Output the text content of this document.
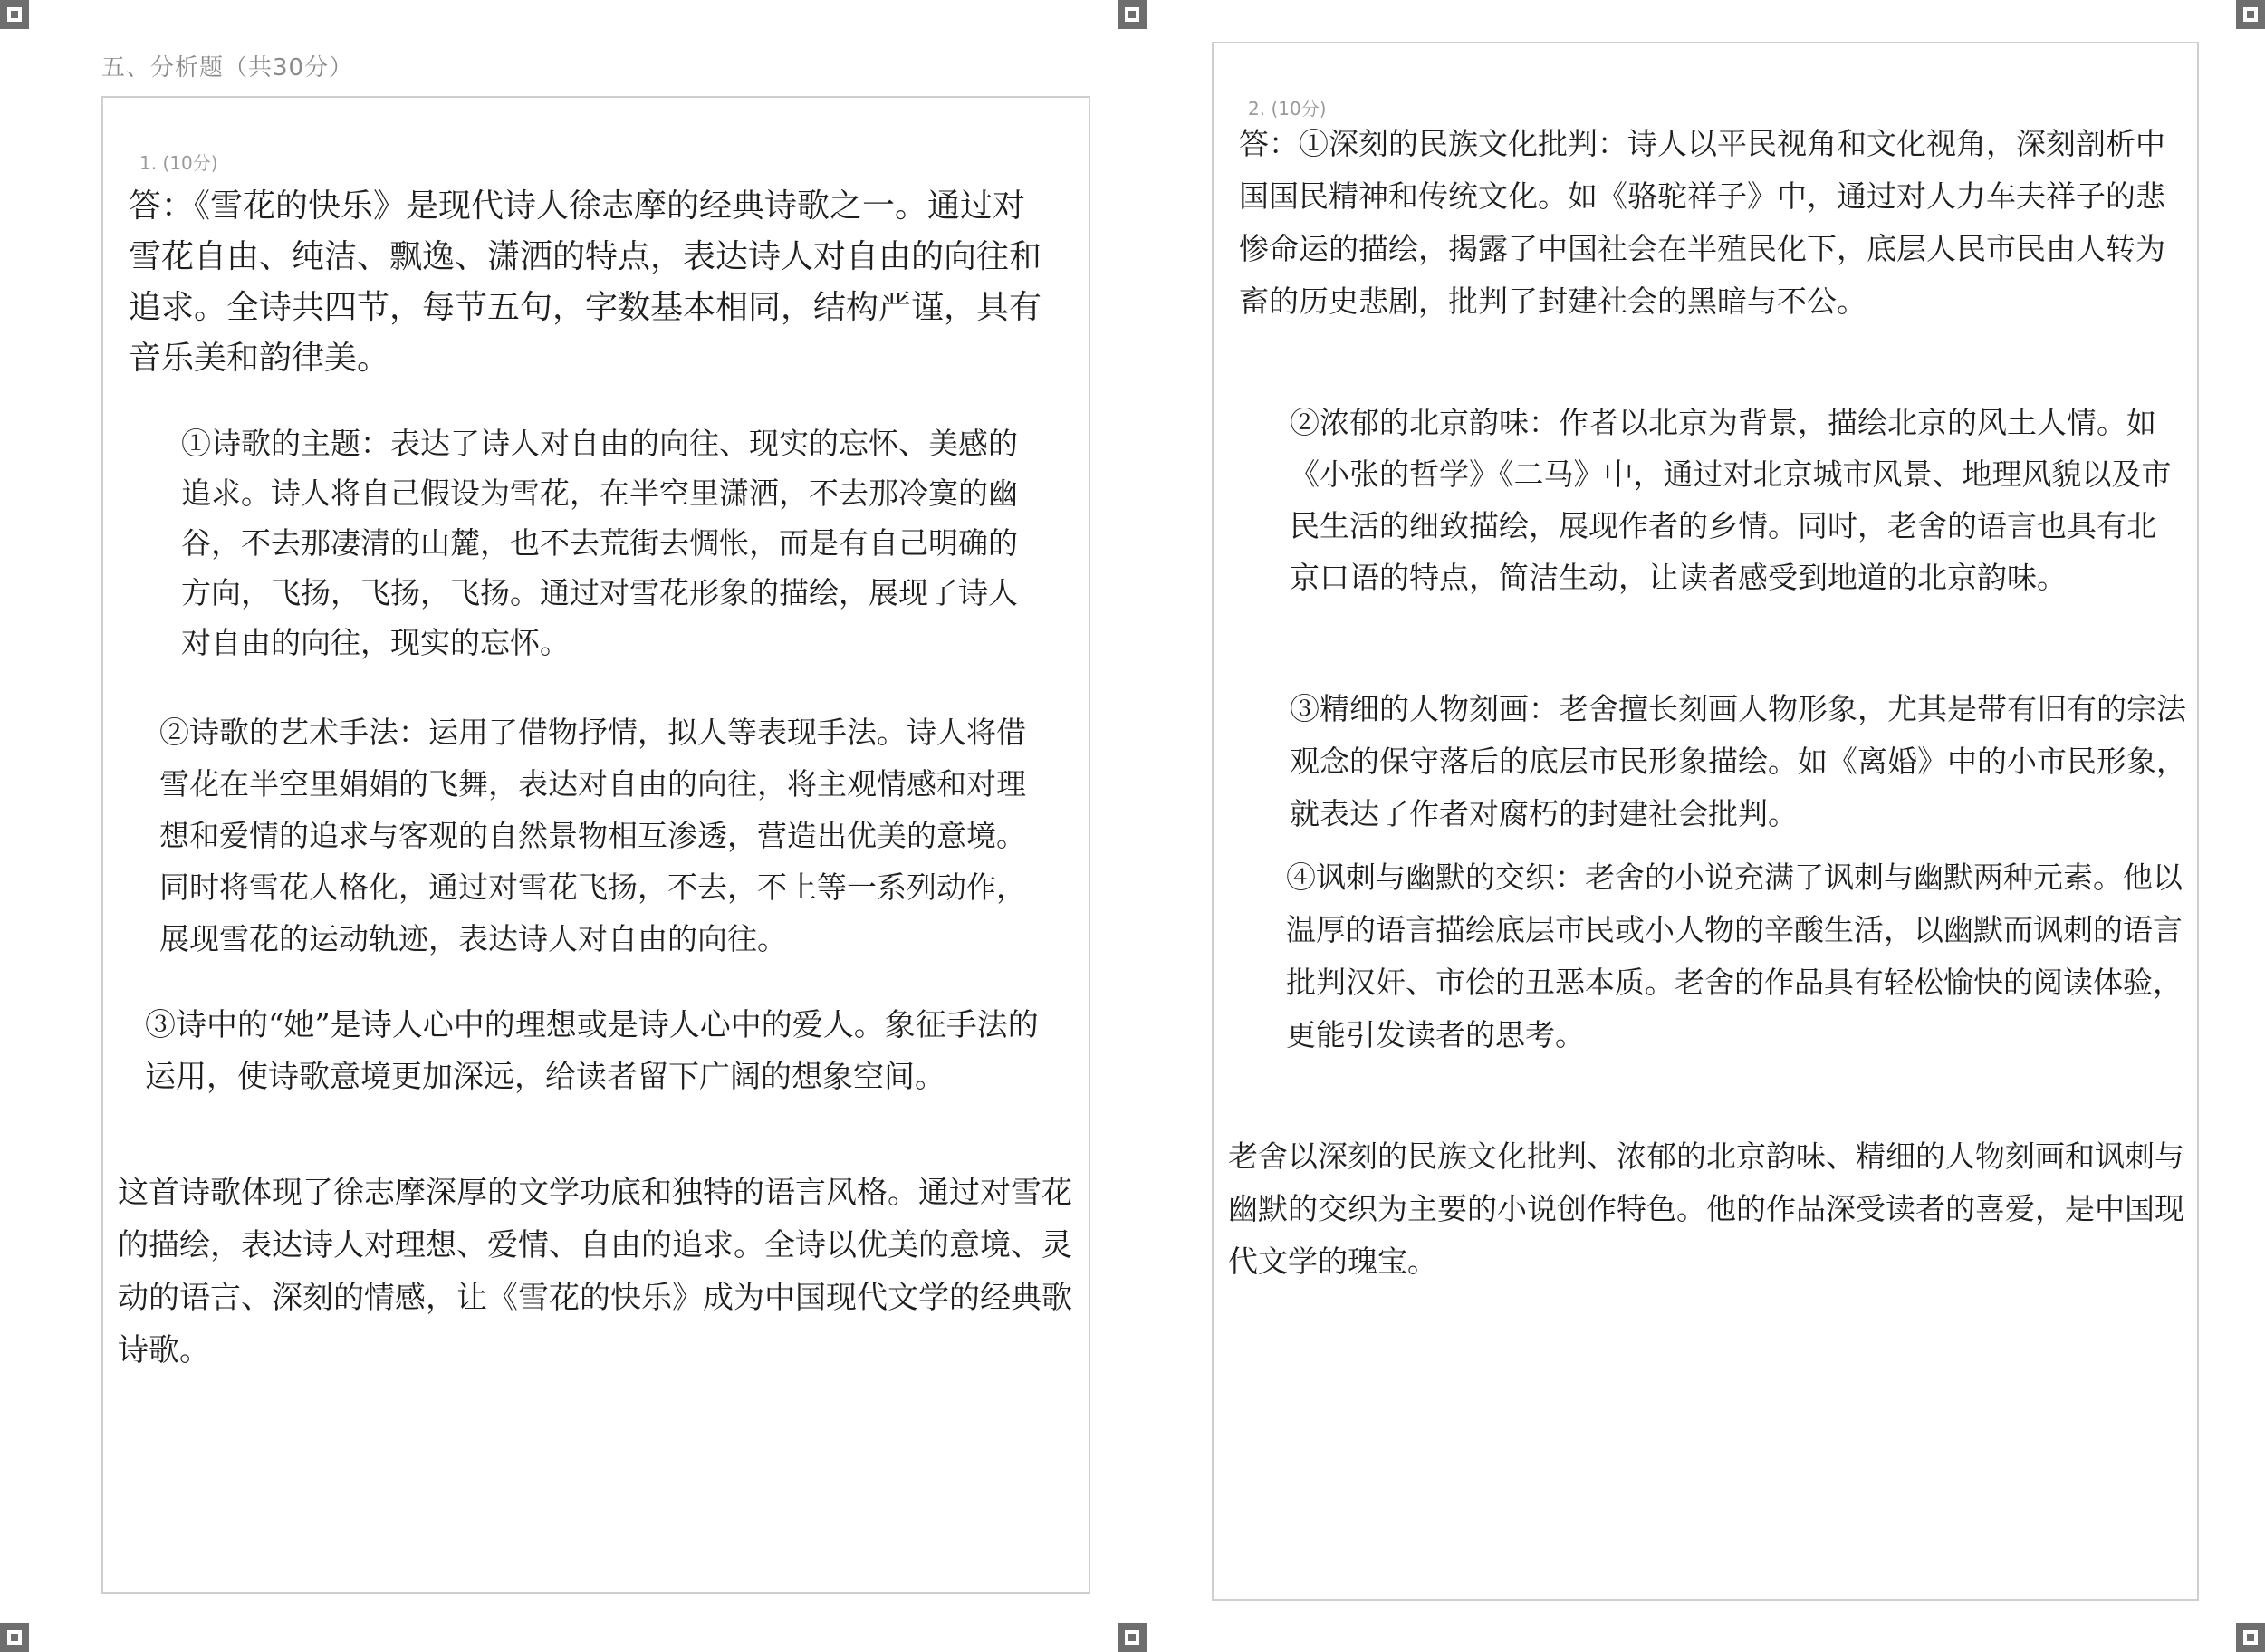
五、分析题（共30分）
1. (10分)

答：《雪花的快乐》是现代诗人徐志摩的经典诗歌之一。通过对雪花自由、纯洁、飘逸、潇洒的特点，表达诗人对自由的向往和追求。全诗共四节，每节五句，字数基本相同，结构严谨，具有音乐美和韵律美。

①诗歌的主题：表达了诗人对自由的向往、现实的忘怀、美感的追求。诗人将自己假设为雪花，在半空里潇洒，不去那冷寞的幽谷，不去那凄清的山麓，也不去荒街去惆怅，而是有自己明确的方向，飞扬，飞扬，飞扬。通过对雪花形象的描绘，展现了诗人对自由的向往，现实的忘怀。

②诗歌的艺术手法：运用了借物抒情，拟人等表现手法。诗人将借雪花在半空里娟娟的飞舞，表达对自由的向往，将主观情感和对理想和爱情的追求与客观的自然景物相互渗透，营造出优美的意境。同时将雪花人格化，通过对雪花飞扬，不去，不上等一系列动作，展现雪花的运动轨迹，表达诗人对自由的向往。

③诗中的“她”是诗人心中的理想或是诗人心中的爱人。象征手法的运用，使诗歌意境更加深远，给读者留下广阔的想象空间。

这首诗歌体现了徐志摩深厚的文学功底和独特的语言风格。通过对雪花的描绘，表达诗人对理想、爱情、自由的追求。全诗以优美的意境、灵动的语言、深刻的情感，让《雪花的快乐》成为中国现代文学的经典歌诗歌。

2. (10分)

答：①深刻的民族文化批判：诗人以平民视角和文化视角，深刻剖析中国国民精神和传统文化。如《骆驼祥子》中，通过对人力车夫祥子的悲惨命运的描绘，揭露了中国社会在半殖民化下，底层人民市民由人转为畜的历史悲剧，批判了封建社会的黑暗与不公。

②浓郁的北京韵味：作者以北京为背景，描绘北京的风土人情。如《小张的哲学》《二马》中，通过对北京城市风景、地理风貌以及市民生活的细致描绘，展现作者的乡情。同时，老舍的语言也具有北京口语的特点，简洁生动，让读者感受到地道的北京韵味。

③精细的人物刻画：老舍擅长刻画人物形象，尤其是带有旧有的宗法观念的保守落后的底层市民形象描绘。如《离婚》中的小市民形象，就表达了作者对腐朽的封建社会批判。

④讽刺与幽默的交织：老舍的小说充满了讽刺与幽默两种元素。他以温厚的语言描绘底层市民或小人物的辛酸生活，以幽默而讽刺的语言批判汉奸、市侩的丑恶本质。老舍的作品具有轻松愉快的阅读体验，更能引发读者的思考。

老舍以深刻的民族文化批判、浓郁的北京韵味、精细的人物刻画和讽刺与幽默的交织为主要的小说创作特色。他的作品深受读者的喜爱，是中国现代文学的瑰宝。
